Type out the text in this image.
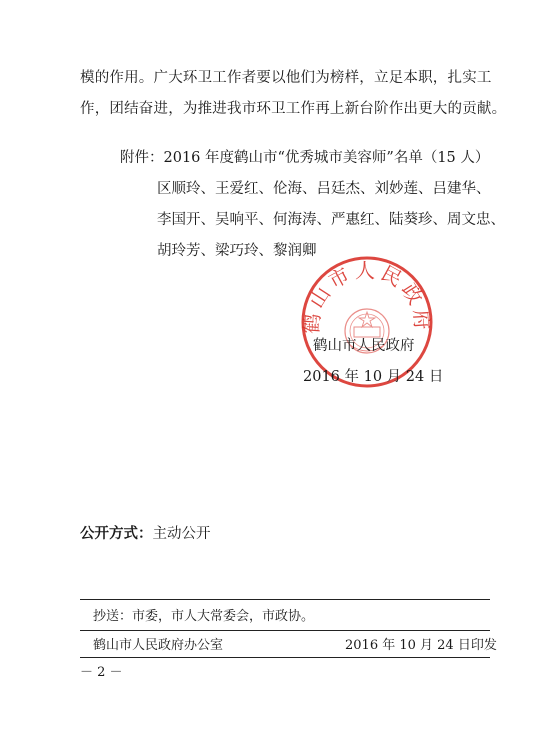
模的作用。广大环卫工作者要以他们为榜样，立足本职，扎实工
作，团结奋进，为推进我市环卫工作再上新台阶作出更大的贡献。
附件：2016 年度鹤山市“优秀城市美容师”名单（15 人）
区顺玲、王爱红、伦海、吕廷杰、刘妙莲、吕建华、
李国开、吴响平、何海涛、严惠红、陆葵珍、周文忠、
胡玲芳、梁巧玲、黎润卿
鹤山市人民政府
鹤山市人民政府
2016 年 10 月 24 日
公开方式：主动公开
抄送：市委，市人大常委会，市政协。
鹤山市人民政府办公室	2016 年 10 月 24 日印发
－ 2 －
